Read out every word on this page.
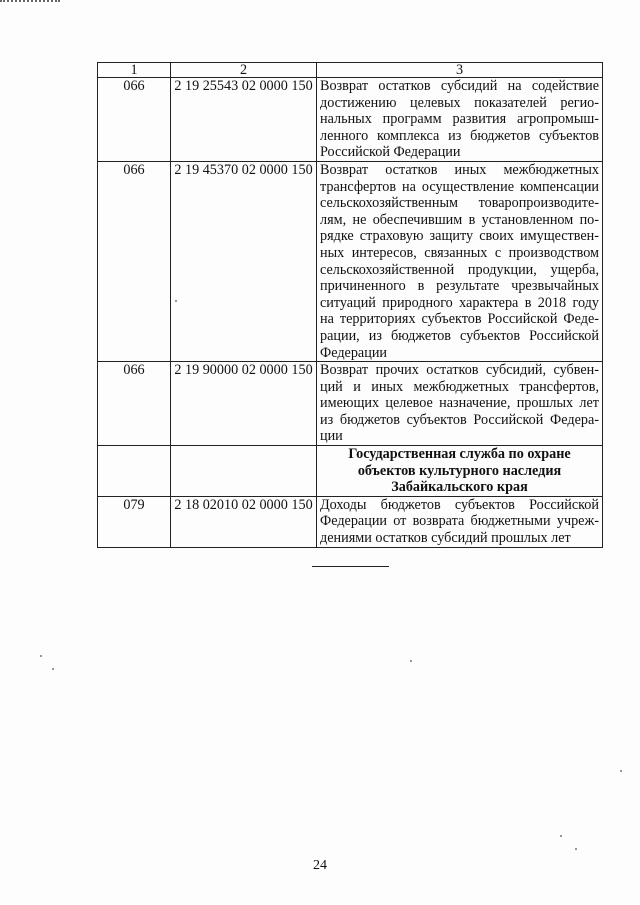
1	2	3
066	2 19 25543 02 0000 150	Возврат остатков субсидий на содействие достижению целевых показателей регио-нальных программ развития агропромыш-ленного комплекса из бюджетов субъектов Российской Федерации
066	2 19 45370 02 0000 150	Возврат остатков иных межбюджетных трансфертов на осуществление компенсации сельскохозяйственным товаропроизводите-лям, не обеспечившим в установленном по-рядке страховую защиту своих имуществен-ных интересов, связанных с производством сельскохозяйственной продукции, ущерба, причиненного в результате чрезвычайных ситуаций природного характера в 2018 году на территориях субъектов Российской Феде-рации, из бюджетов субъектов Российской Федерации
066	2 19 90000 02 0000 150	Возврат прочих остатков субсидий, субвен-ций и иных межбюджетных трансфертов, имеющих целевое назначение, прошлых лет из бюджетов субъектов Российской Федера-ции
		Государственная служба по охране объектов культурного наследия Забайкальского края
079	2 18 02010 02 0000 150	Доходы бюджетов субъектов Российской Федерации от возврата бюджетными учреж-дениями остатков субсидий прошлых лет
24
